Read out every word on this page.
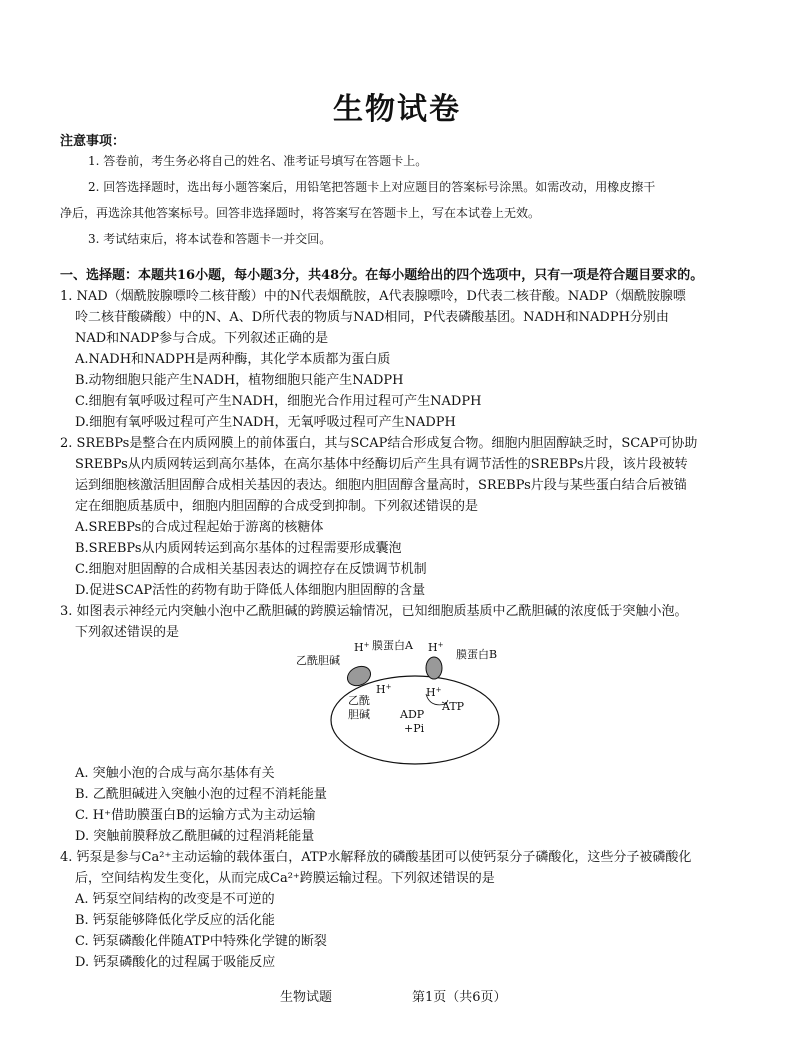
生物试卷
注意事项：
1. 答卷前，考生务必将自己的姓名、准考证号填写在答题卡上。
2. 回答选择题时，选出每小题答案后，用铅笔把答题卡上对应题目的答案标号涂黑。如需改动，用橡皮擦干
净后，再选涂其他答案标号。回答非选择题时，将答案写在答题卡上，写在本试卷上无效。
3. 考试结束后，将本试卷和答题卡一并交回。
一、选择题：本题共16小题，每小题3分，共48分。在每小题给出的四个选项中，只有一项是符合题目要求的。

1. NAD（烟酰胺腺嘌呤二核苷酸）中的N代表烟酰胺，A代表腺嘌呤，D代表二核苷酸。NADP（烟酰胺腺嘌

呤二核苷酸磷酸）中的N、A、D所代表的物质与NAD相同，P代表磷酸基团。NADH和NADPH分别由

NAD和NADP参与合成。下列叙述正确的是

A.NADH和NADPH是两种酶，其化学本质都为蛋白质

B.动物细胞只能产生NADH，植物细胞只能产生NADPH

C.细胞有氧呼吸过程可产生NADH，细胞光合作用过程可产生NADPH

D.细胞有氧呼吸过程可产生NADH，无氧呼吸过程可产生NADPH

2. SREBPs是整合在内质网膜上的前体蛋白，其与SCAP结合形成复合物。细胞内胆固醇缺乏时，SCAP可协助

SREBPs从内质网转运到高尔基体，在高尔基体中经酶切后产生具有调节活性的SREBPs片段，该片段被转

运到细胞核激活胆固醇合成相关基因的表达。细胞内胆固醇含量高时，SREBPs片段与某些蛋白结合后被锚

定在细胞质基质中，细胞内胆固醇的合成受到抑制。下列叙述错误的是

A.SREBPs的合成过程起始于游离的核糖体

B.SREBPs从内质网转运到高尔基体的过程需要形成囊泡

C.细胞对胆固醇的合成相关基因表达的调控存在反馈调节机制

D.促进SCAP活性的药物有助于降低人体细胞内胆固醇的含量

3. 如图表示神经元内突触小泡中乙酰胆碱的跨膜运输情况，已知细胞质基质中乙酰胆碱的浓度低于突触小泡。

下列叙述错误的是

H+ 膜蛋白A H+
膜蛋白B
乙酰胆碱
H+	H+
乙酰
胆碱	ADP
+Pi
ATP

A. 突触小泡的合成与高尔基体有关

B. 乙酰胆碱进入突触小泡的过程不消耗能量

C. H⁺借助膜蛋白B的运输方式为主动运输

D. 突触前膜释放乙酰胆碱的过程消耗能量

4. 钙泵是参与Ca²⁺主动运输的载体蛋白，ATP水解释放的磷酸基团可以使钙泵分子磷酸化，这些分子被磷酸化

后，空间结构发生变化，从而完成Ca²⁺跨膜运输过程。下列叙述错误的是

A. 钙泵空间结构的改变是不可逆的

B. 钙泵能够降低化学反应的活化能

C. 钙泵磷酸化伴随ATP中特殊化学键的断裂

D. 钙泵磷酸化的过程属于吸能反应

生物试题	第1页（共6页）
